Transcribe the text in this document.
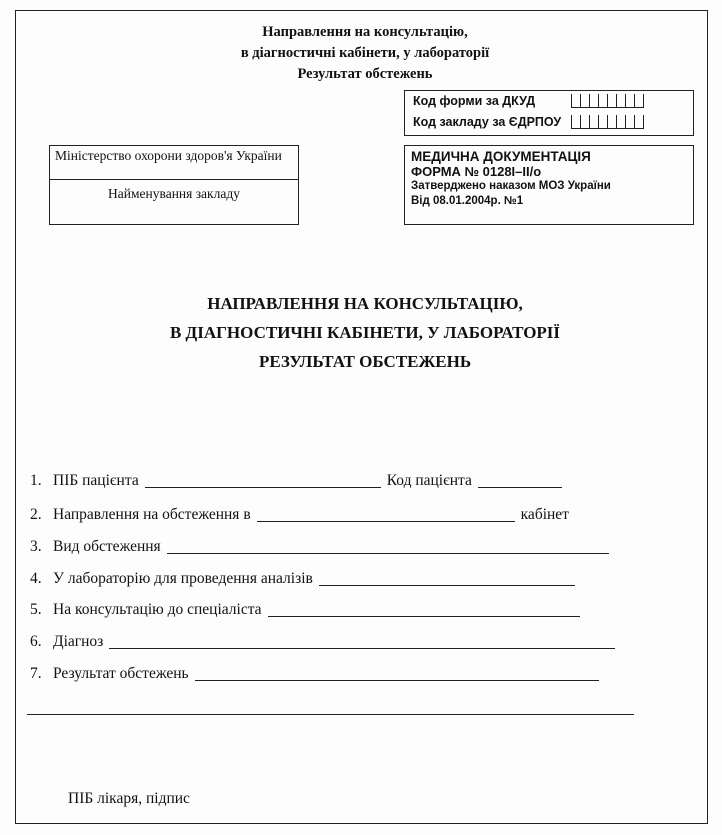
Направлення на консультацію,
в діагностичні кабінети, у лабораторії
Результат обстежень
Код форми за ДКУД
Код закладу за ЄДРПОУ
Міністерство охорони здоров'я України
Найменування закладу
МЕДИЧНА ДОКУМЕНТАЦІЯ
ФОРМА № 0128І–ІІ/о
Затверджено наказом МОЗ України
Від 08.01.2004р. №1
НАПРАВЛЕННЯ НА КОНСУЛЬТАЦІЮ,
В ДІАГНОСТИЧНІ КАБІНЕТИ, У ЛАБОРАТОРІЇ
РЕЗУЛЬТАТ ОБСТЕЖЕНЬ
1. ПІБ пацієнта	Код пацієнта
2. Направлення на обстеження в	кабінет
3. Вид обстеження
4. У лабораторію для проведення аналізів
5. На консультацію до спеціаліста
6. Діагноз
7. Результат обстежень
ПІБ лікаря, підпис
